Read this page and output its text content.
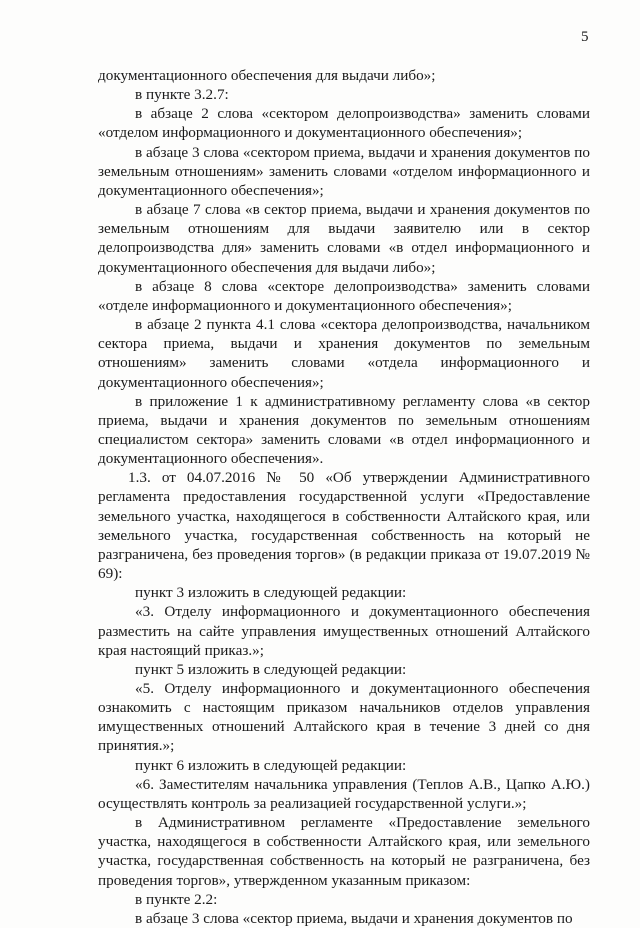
5

документационного обеспечения для выдачи либо»;

в пункте 3.2.7:

в абзаце 2 слова «сектором делопроизводства» заменить словами «отделом информационного и документационного обеспечения»;

в абзаце 3 слова «сектором приема, выдачи и хранения документов по земельным отношениям» заменить словами «отделом информационного и документационного обеспечения»;

в абзаце 7 слова «в сектор приема, выдачи и хранения документов по земельным отношениям для выдачи заявителю или в сектор делопроизводства для» заменить словами «в отдел информационного и документационного обеспечения для выдачи либо»;

в абзаце 8 слова «секторе делопроизводства» заменить словами «отделе информационного и документационного обеспечения»;

в абзаце 2 пункта 4.1 слова «сектора делопроизводства, начальником сектора приема, выдачи и хранения документов по земельным отношениям» заменить словами «отдела информационного и документационного обеспечения»;

в приложение 1 к административному регламенту слова «в сектор приема, выдачи и хранения документов по земельным отношениям специалистом сектора» заменить словами «в отдел информационного и документационного обеспечения».

1.3. от 04.07.2016 № 50 «Об утверждении Административного регламента предоставления государственной услуги «Предоставление земельного участка, находящегося в собственности Алтайского края, или земельного участка, государственная собственность на который не разграничена, без проведения торгов» (в редакции приказа от 19.07.2019 № 69):

пункт 3 изложить в следующей редакции:

«3. Отделу информационного и документационного обеспечения разместить на сайте управления имущественных отношений Алтайского края настоящий приказ.»;

пункт 5 изложить в следующей редакции:

«5. Отделу информационного и документационного обеспечения ознакомить с настоящим приказом начальников отделов управления имущественных отношений Алтайского края в течение 3 дней со дня принятия.»;

пункт 6 изложить в следующей редакции:

«6. Заместителям начальника управления (Теплов А.В., Цапко А.Ю.) осуществлять контроль за реализацией государственной услуги.»;

в Административном регламенте «Предоставление земельного участка, находящегося в собственности Алтайского края, или земельного участка, государственная собственность на который не разграничена, без проведения торгов», утвержденном указанным приказом:

в пункте 2.2:

в абзаце 3 слова «сектор приема, выдачи и хранения документов по
